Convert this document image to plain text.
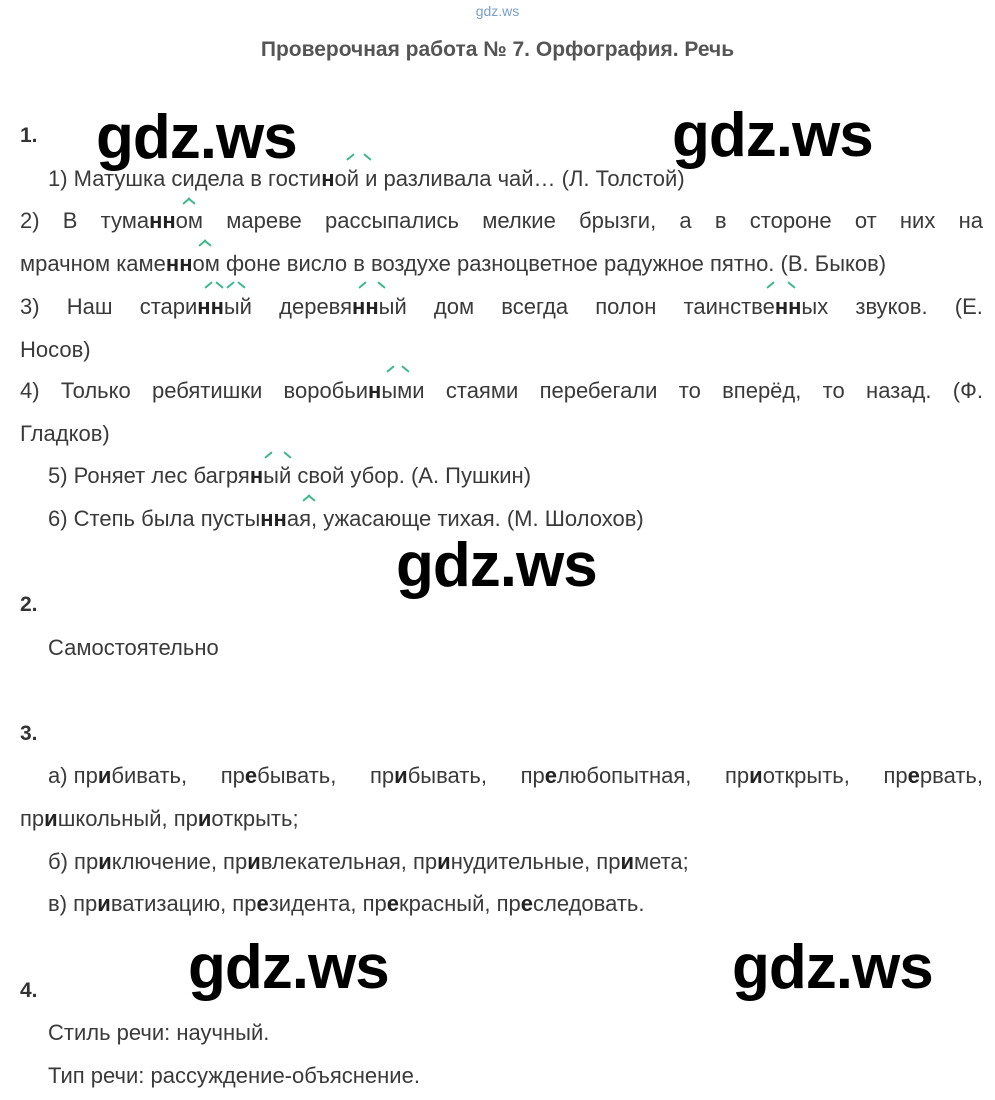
gdz.ws
Проверочная работа № 7. Орфография. Речь
gdz.ws	gdz.ws
gdz.ws
gdz.ws	gdz.ws
1.
1) Матушка сидела в гостиной и разливала чай… (Л. Толстой)
2) В туманном мареве рассыпались мелкие брызги, а в стороне от них на
мрачном каменном фоне висло в воздухе разноцветное радужное пятно. (В. Быков)
3) Наш старинный деревянный дом всегда полон таинственных звуков. (Е.
Носов)
4) Только ребятишки воробьиными стаями перебегали то вперёд, то назад. (Ф.
Гладков)
5) Роняет лес багряный свой убор. (А. Пушкин)
6) Степь была пустынная, ужасающе тихая. (М. Шолохов)
2.
Самостоятельно
3.
а) прибивать, пребывать, прибывать, прелюбопытная, приоткрыть, прервать,
пришкольный, приоткрыть;
б) приключение, привлекательная, принудительные, примета;
в) приватизацию, президента, прекрасный, преследовать.
4.
Стиль речи: научный.
Тип речи: рассуждение-объяснение.
